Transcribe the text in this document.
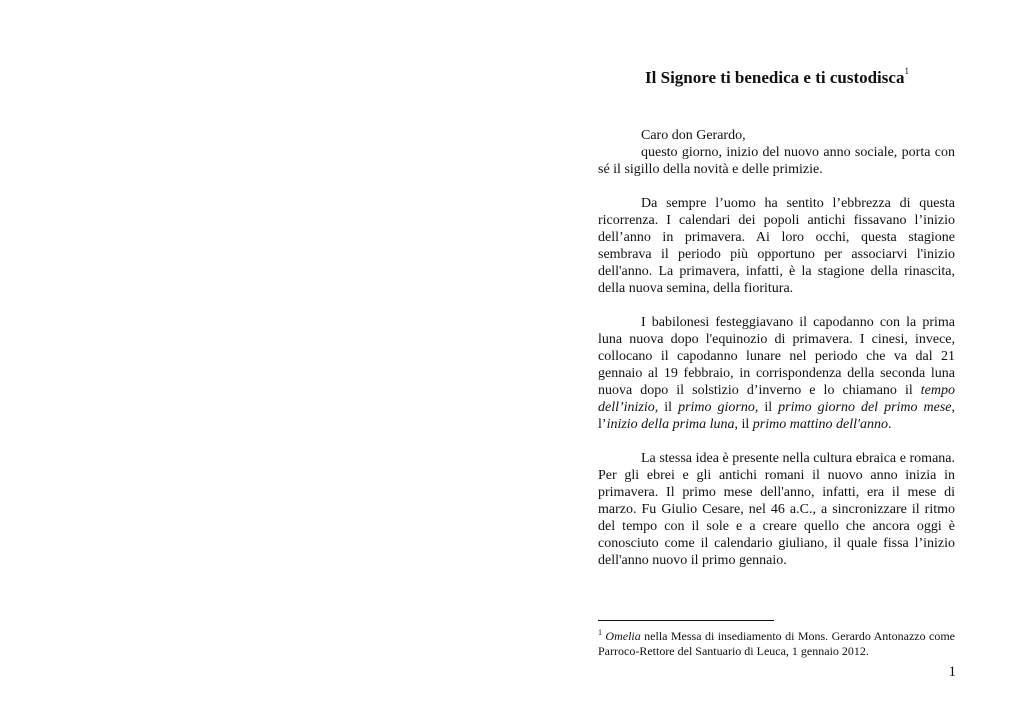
Il Signore ti benedica e ti custodisca$^1$

Caro don Gerardo,

questo giorno, inizio del nuovo anno sociale, porta con sé il sigillo della novità e delle primizie.

Da sempre l’uomo ha sentito l’ebbrezza di questa ricorrenza. I calendari dei popoli antichi fissavano l’inizio dell’anno in primavera. Ai loro occhi, questa stagione sembrava il periodo più opportuno per associarvi l'inizio dell'anno. La primavera, infatti, è la stagione della rinascita, della nuova semina, della fioritura.

I babilonesi festeggiavano il capodanno con la prima luna nuova dopo l'equinozio di primavera. I cinesi, invece, collocano il capodanno lunare nel periodo che va dal 21 gennaio al 19 febbraio, in corrispondenza della seconda luna nuova dopo il solstizio d’inverno e lo chiamano il tempo dell’inizio, il primo giorno, il primo giorno del primo mese, l’inizio della prima luna, il primo mattino dell'anno.

La stessa idea è presente nella cultura ebraica e romana. Per gli ebrei e gli antichi romani il nuovo anno inizia in primavera. Il primo mese dell'anno, infatti, era il mese di marzo. Fu Giulio Cesare, nel 46 a.C., a sincronizzare il ritmo del tempo con il sole e a creare quello che ancora oggi è conosciuto come il calendario giuliano, il quale fissa l’inizio dell'anno nuovo il primo gennaio.

$^1$ Omelia nella Messa di insediamento di Mons. Gerardo Antonazzo come Parroco-Rettore del Santuario di Leuca, 1 gennaio 2012.
1
